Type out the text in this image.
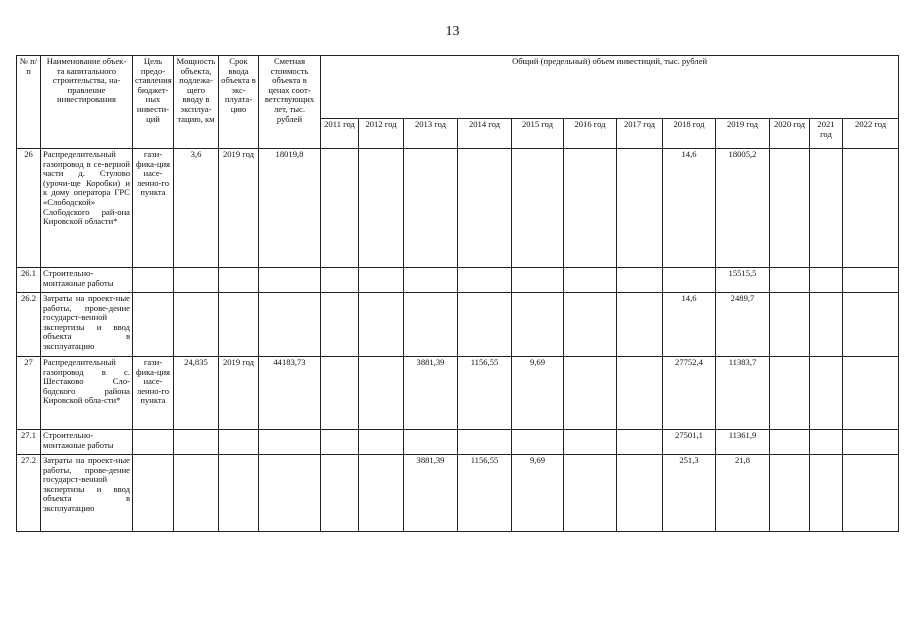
13
№ п/п	Наименование объек-та капитального строительства, на-правление инвестирования	Цель предо-ставления бюджет-ных инвести-ций	Мощность объекта, подлежа-щего вводу в эксплуа-тацию, км	Срок ввода объекта в экс-плуата-цию	Сметная стоимость объекта в ценах соот-ветствующих лет, тыс. рублей	Общий (предельный) объем инвестиций, тыс. рублей											
						2011 год	2012 год	2013 год	2014 год	2015 год	2016 год	2017 год	2018 год	2019 год	2020 год	2021 год	2022 год
26	Распределительный газопровод в се-верной части д. Стулово (урочи-ще Коробки) и к дому оператора ГРС «Слободской» Слободского рай-она Кировской области*	гази-фика-ция насе-ленно-го пункта	3,6	2019 год	18019,8								14,6	18005,2			
26.1	Строительно-монтажные работы													15515,5			
26.2	Затраты на проект-ные работы, прове-дение государст-венной экспертизы и ввод объекта в эксплуатацию												14,6	2489,7			
27	Распределительный газопровод в с. Шестаково Сло-бодского района Кировской обла-сти*	гази-фика-ция насе-ленно-го пункта	24,835	2019 год	44183,73			3881,39	1156,55	9,69			27752,4	11383,7			
27.1	Строительно-монтажные работы												27501,1	11361,9			
27.2	Затраты на проект-ные работы, прове-дение государст-венной экспертизы и ввод объекта в эксплуатацию							3881,39	1156,55	9,69			251,3	21,8			
